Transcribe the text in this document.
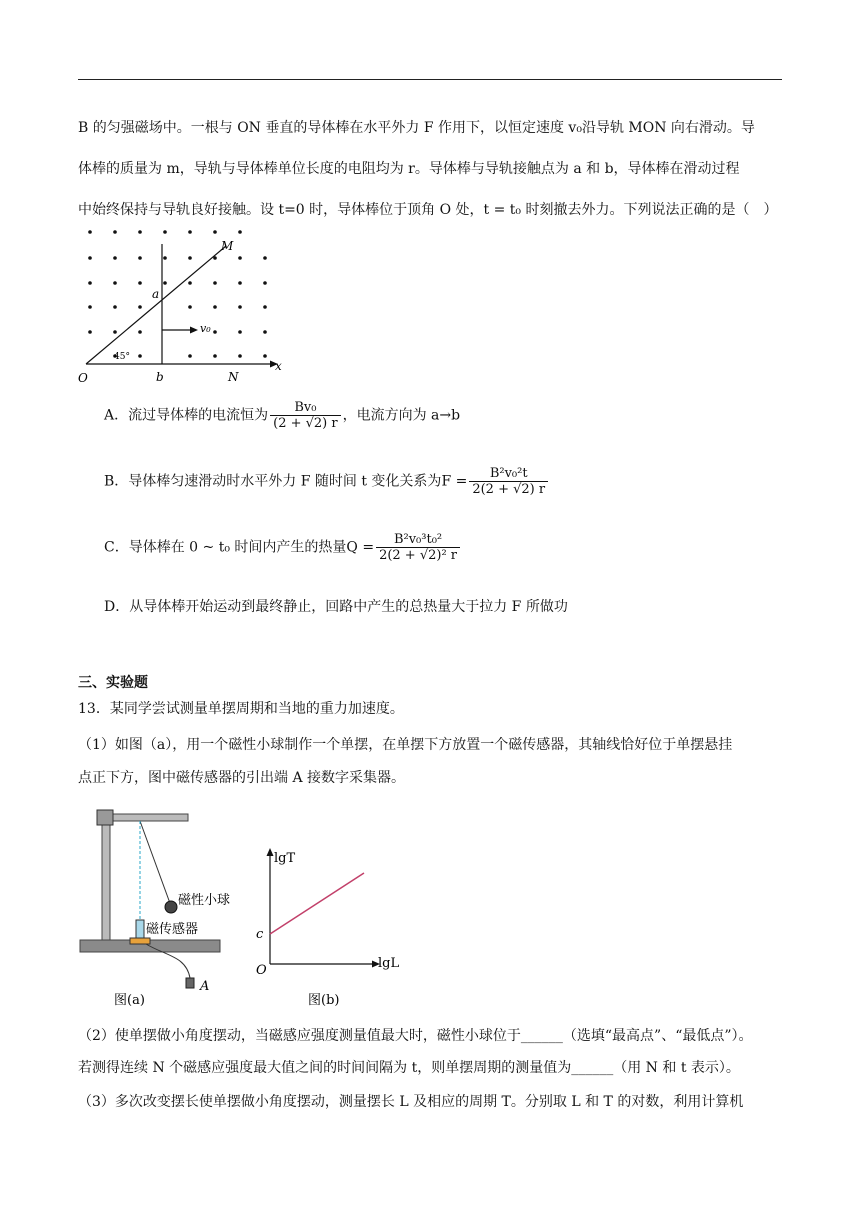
B 的匀强磁场中。一根与 ON 垂直的导体棒在水平外力 F 作用下，以恒定速度 v₀沿导轨 MON 向右滑动。导
体棒的质量为 m，导轨与导体棒单位长度的电阻均为 r。导体棒与导轨接触点为 a 和 b，导体棒在滑动过程
中始终保持与导轨良好接触。设 t=0 时，导体棒位于顶角 O 处，t = t₀ 时刻撤去外力。下列说法正确的是（　）
M
a
v₀
45°
O	b	N
x
A．流过导体棒的电流恒为 $\frac{\text{Bv₀}}{(2 + √2) r}$ ，电流方向为 a→b
B．导体棒匀速滑动时水平外力 F 随时间 t 变化关系为$F = \frac{\text{B²v₀²t}}{2(2 + √2) r}$
C．导体棒在 0 ~ t₀ 时间内产生的热量$Q = \frac{\text{B²v₀³t₀²}}{\text{2(2 + √2)² r}}$
D．从导体棒开始运动到最终静止，回路中产生的总热量大于拉力 F 所做功
三、实验题
13．某同学尝试测量单摆周期和当地的重力加速度。
（1）如图（a），用一个磁性小球制作一个单摆，在单摆下方放置一个磁传感器，其轴线恰好位于单摆悬挂
点正下方，图中磁传感器的引出端 A 接数字采集器。
磁性小球
磁传感器
A
图(a)
lgT
lgL
c
O
图(b)
（2）使单摆做小角度摆动，当磁感应强度测量值最大时，磁性小球位于______（选填“最高点”、“最低点”）。
若测得连续 N 个磁感应强度最大值之间的时间间隔为 t，则单摆周期的测量值为______（用 N 和 t 表示）。
（3）多次改变摆长使单摆做小角度摆动，测量摆长 L 及相应的周期 T。分别取 L 和 T 的对数，利用计算机
